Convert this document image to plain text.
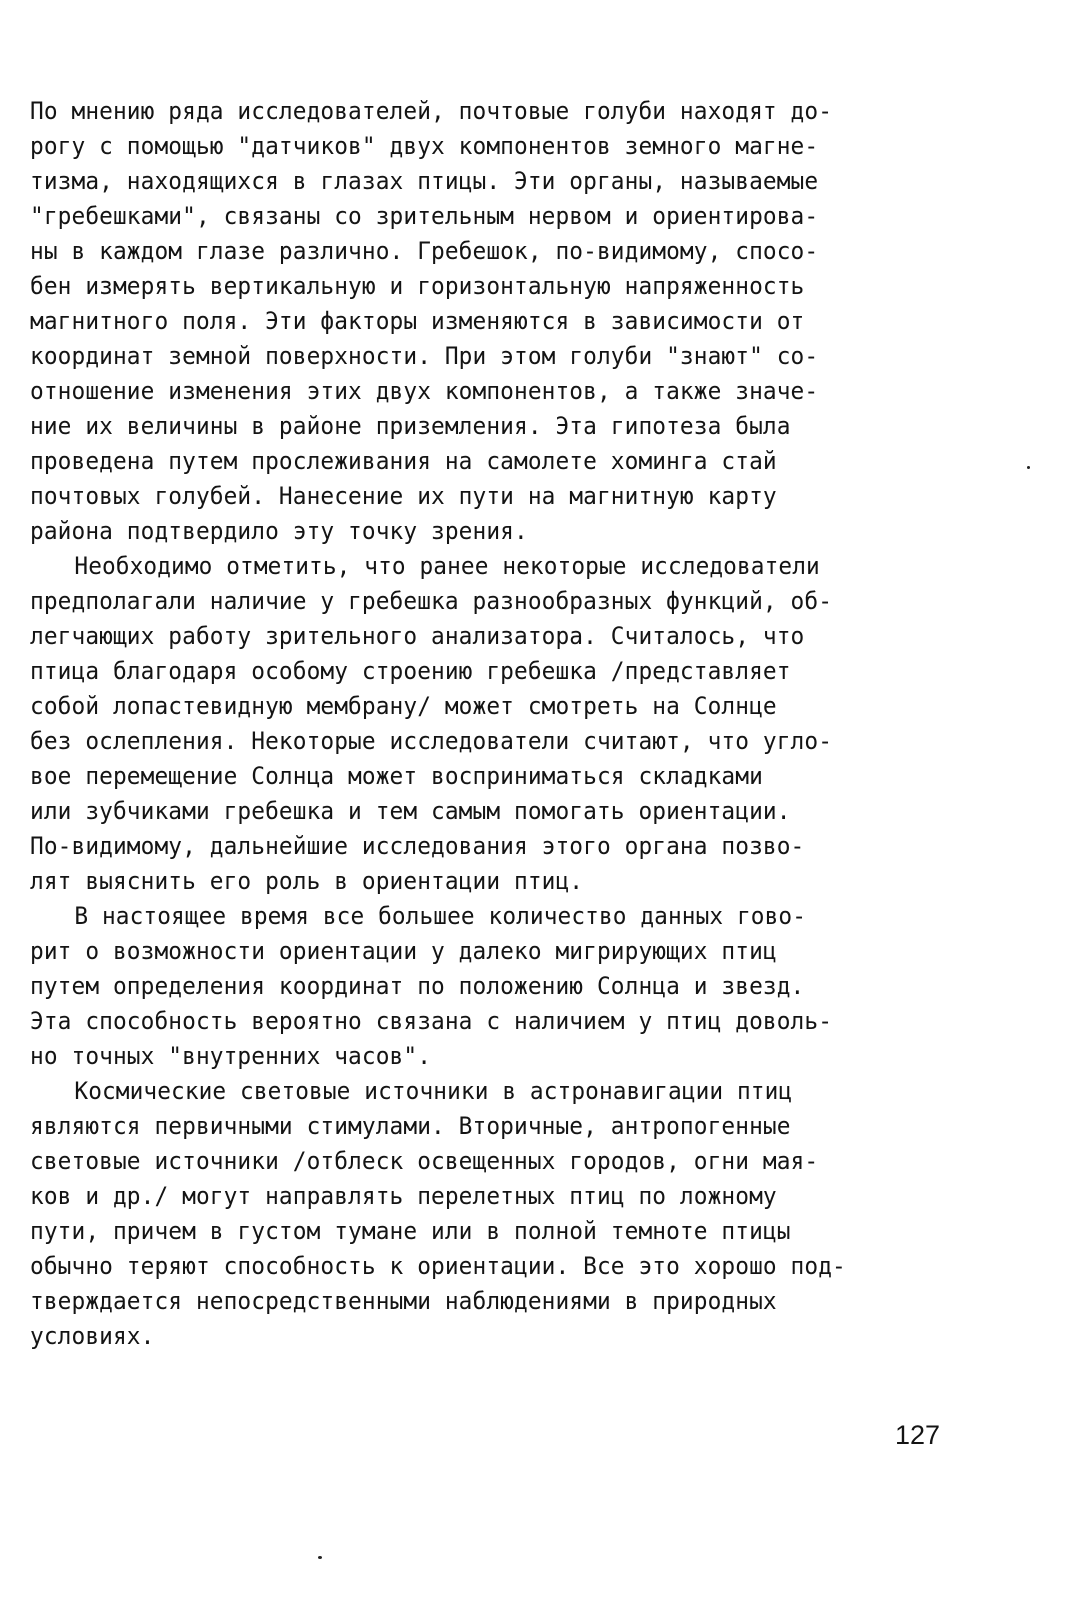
По мнению ряда исследователей, почтовые голуби находят до-
рогу с помощью "датчиков" двух компонентов земного магне-
тизма, находящихся в глазах птицы. Эти органы, называемые
"гребешками", связаны со зрительным нервом и ориентирова-
ны в каждом глазе различно. Гребешок, по-видимому, спосо-
бен измерять вертикальную и горизонтальную напряженность
магнитного поля. Эти факторы изменяются в зависимости от
координат земной поверхности. При этом голуби "знают" со-
отношение изменения этих двух компонентов, а также значе-
ние их величины в районе приземления. Эта гипотеза была
проведена путем прослеживания на самолете хоминга стай
почтовых голубей. Нанесение их пути на магнитную карту
района подтвердило эту точку зрения.
Необходимо отметить, что ранее некоторые исследователи
предполагали наличие у гребешка разнообразных функций, об-
легчающих работу зрительного анализатора. Считалось, что
птица благодаря особому строению гребешка /представляет
собой лопастевидную мембрану/ может смотреть на Солнце
без ослепления. Некоторые исследователи считают, что угло-
вое перемещение Солнца может восприниматься складками
или зубчиками гребешка и тем самым помогать ориентации.
По-видимому, дальнейшие исследования этого органа позво-
лят выяснить его роль в ориентации птиц.
В настоящее время все большее количество данных гово-
рит о возможности ориентации у далеко мигрирующих птиц
путем определения координат по положению Солнца и звезд.
Эта способность вероятно связана с наличием у птиц доволь-
но точных "внутренних часов".
Космические световые источники в астронавигации птиц
являются первичными стимулами. Вторичные, антропогенные
световые источники /отблеск освещенных городов, огни мая-
ков и др./ могут направлять перелетных птиц по ложному
пути, причем в густом тумане или в полной темноте птицы
обычно теряют способность к ориентации. Все это хорошо под-
тверждается непосредственными наблюдениями в природных
условиях.
127
